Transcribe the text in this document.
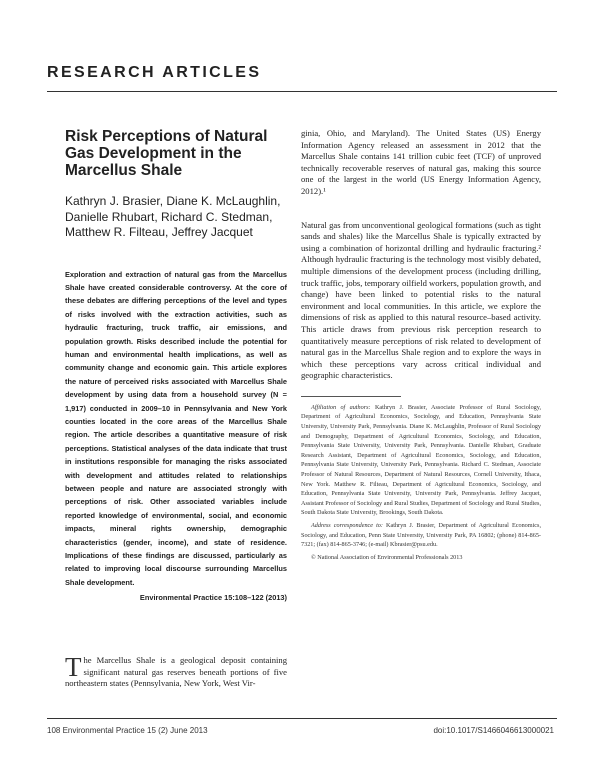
RESEARCH ARTICLES
Risk Perceptions of Natural Gas Development in the Marcellus Shale
Kathryn J. Brasier, Diane K. McLaughlin, Danielle Rhubart, Richard C. Stedman, Matthew R. Filteau, Jeffrey Jacquet
Exploration and extraction of natural gas from the Marcellus Shale have created considerable controversy. At the core of these debates are differing perceptions of the level and types of risks involved with the extraction activities, such as hydraulic fracturing, truck traffic, air emissions, and population growth. Risks described include the potential for human and environmental health implications, as well as community change and economic gain. This article explores the nature of perceived risks associated with Marcellus Shale development by using data from a household survey (N = 1,917) conducted in 2009–10 in Pennsylvania and New York counties located in the core areas of the Marcellus Shale region. The article describes a quantitative measure of risk perceptions. Statistical analyses of the data indicate that trust in institutions responsible for managing the risks associated with development and attitudes related to relationships between people and nature are associated strongly with perceptions of risk. Other associated variables include reported knowledge of environmental, social, and economic impacts, mineral rights ownership, demographic characteristics (gender, income), and state of residence. Implications of these findings are discussed, particularly as related to improving local discourse surrounding Marcellus Shale development.
Environmental Practice 15:108–122 (2013)
The Marcellus Shale is a geological deposit containing significant natural gas reserves beneath portions of five northeastern states (Pennsylvania, New York, West Vir-
ginia, Ohio, and Maryland). The United States (US) Energy Information Agency released an assessment in 2012 that the Marcellus Shale contains 141 trillion cubic feet (TCF) of unproved technically recoverable reserves of natural gas, making this source one of the largest in the world (US Energy Information Agency, 2012).¹
Natural gas from unconventional geological formations (such as tight sands and shales) like the Marcellus Shale is typically extracted by using a combination of horizontal drilling and hydraulic fracturing.² Although hydraulic fracturing is the technology most visibly debated, multiple dimensions of the development process (including drilling, truck traffic, jobs, temporary oilfield workers, population growth, and change) have been linked to potential risks to the natural environment and local communities. In this article, we explore the dimensions of risk as applied to this natural resource–based activity. This article draws from previous risk perception research to quantitatively measure perceptions of risk related to development of natural gas in the Marcellus Shale region and to explore the ways in which these perceptions vary across critical individual and geographic characteristics.
Affiliation of authors: Kathryn J. Brasier, Associate Professor of Rural Sociology, Department of Agricultural Economics, Sociology, and Education, Pennsylvania State University, University Park, Pennsylvania. Diane K. McLaughlin, Professor of Rural Sociology and Demography, Department of Agricultural Economics, Sociology, and Education, Pennsylvania State University, University Park, Pennsylvania. Danielle Rhubart, Graduate Research Assistant, Department of Agricultural Economics, Sociology, and Education, Pennsylvania State University, University Park, Pennsylvania. Richard C. Stedman, Associate Professor of Natural Resources, Department of Natural Resources, Cornell University, Ithaca, New York. Matthew R. Filteau, Department of Agricultural Economics, Sociology, and Education, Pennsylvania State University, University Park, Pennsylvania. Jeffrey Jacquet, Assistant Professor of Sociology and Rural Studies, Department of Sociology and Rural Studies, South Dakota State University, Brookings, South Dakota.
Address correspondence to: Kathryn J. Brasier, Department of Agricultural Economics, Sociology, and Education, Penn State University, University Park, PA 16802; (phone) 814-865-7321; (fax) 814-865-3746; (e-mail) Kbrasier@psu.edu.
© National Association of Environmental Professionals 2013
108 Environmental Practice 15 (2) June 2013	doi:10.1017/S1466046613000021
